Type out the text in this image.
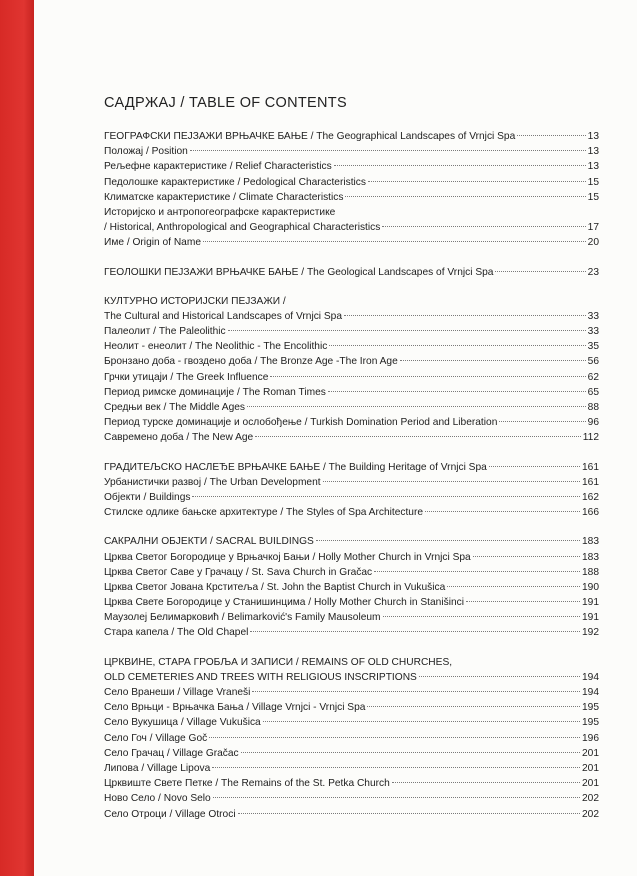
САДРЖАЈ / TABLE OF CONTENTS
ГЕОГРАФСКИ ПЕЈЗАЖИ ВРЊАЧКЕ БАЊЕ / The Geographical Landscapes of Vrnjci Spa	13
Положај / Position	13
Рељефне карактеристике / Relief Characteristics	13
Педолошке карактеристике / Pedological Characteristics	15
Климатске карактеристике / Climate Characteristics	15
Историјско и антропогеографске карактеристике
/ Historical, Anthropological and Geographical Characteristics	17
Име / Origin of Name	20
ГЕОЛОШКИ ПЕЈЗАЖИ ВРЊАЧКЕ БАЊЕ / The Geological Landscapes of Vrnjci Spa	23
КУЛТУРНО ИСТОРИЈСКИ ПЕЈЗАЖИ /
The Cultural and Historical Landscapes of Vrnjci Spa	33
Палеолит / The Paleolithic	33
Неолит - енеолит / The Neolithic - The Encolithic	35
Бронзано доба - гвоздено доба / The Bronze Age -The Iron Age	56
Грчки утицаји / The Greek Influence	62
Период римске доминације / The Roman Times	65
Средњи век / The Middle Ages	88
Период турске доминације и ослобођење / Turkish Domination Period and Liberation	96
Савремено доба / The New Age	112
ГРАДИТЕЉСКО НАСЛЕЂЕ ВРЊАЧКЕ БАЊЕ / The Building Heritage of Vrnjci Spa	161
Урбанистички развој / The Urban Development	161
Објекти / Buildings	162
Стилске одлике бањске архитектуре / The Styles of Spa Architecture	166
САКРАЛНИ ОБЈЕКТИ / SACRAL BUILDINGS	183
Црква Светог Богородице у Врњачкој Бањи / Holly Mother Church in Vrnjci Spa	183
Црква Светог Саве у Грачацу / St. Sava Church in Gračac	188
Црква Светог Јована Крститеља / St. John the Baptist Church in Vukušica	190
Црква Свете Богородице у Станишинцима / Holly Mother Church in Stanišinci	191
Маузолеј Белимарковић / Belimarković's Family Mausoleum	191
Стара капела / The Old Chapel	192
ЦРКВИНЕ, СТАРА ГРОБЉА И ЗАПИСИ / REMAINS OF OLD CHURCHES,
OLD CEMETERIES AND TREES WITH RELIGIOUS INSCRIPTIONS	194
Село Вранеши / Village Vraneši	194
Село Врњци - Врњачка Бања / Village Vrnjci - Vrnjci Spa	195
Село Вукушица / Village Vukušica	195
Село Гоч / Village Goč	196
Село Грачац / Village Gračac	201
Липова / Village Lipova	201
Црквиште Свете Петке / The Remains of the St. Petka Church	201
Ново Село / Novo Selo	202
Село Отроци / Village Otroci	202
